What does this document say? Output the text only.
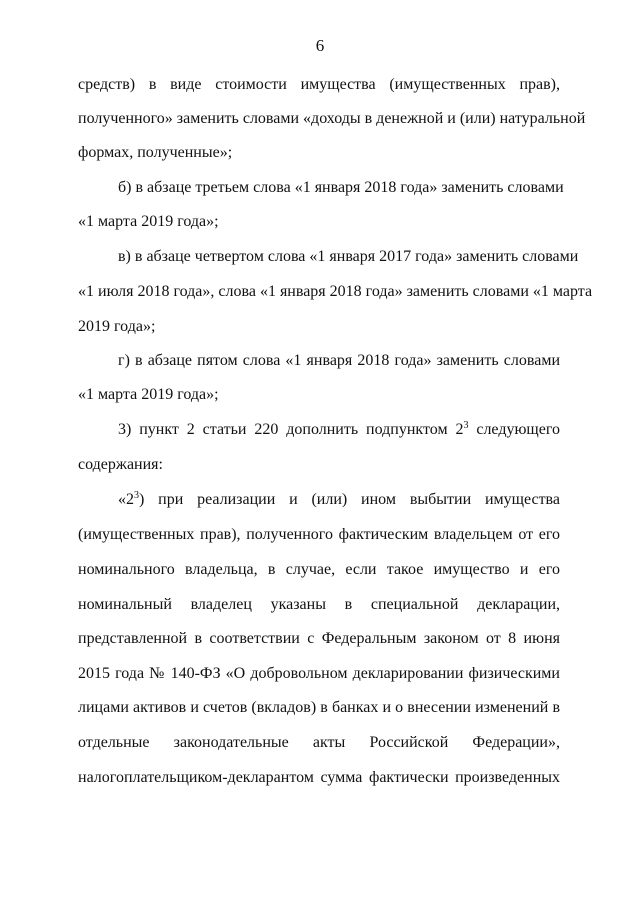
6
средств) в виде стоимости имущества (имущественных прав),
полученного» заменить словами «доходы в денежной и (или) натуральной
формах, полученные»;
б) в абзаце третьем слова «1 января 2018 года» заменить словами
«1 марта 2019 года»;
в) в абзаце четвертом слова «1 января 2017 года» заменить словами
«1 июля 2018 года», слова «1 января 2018 года» заменить словами «1 марта
2019 года»;
г) в абзаце пятом слова «1 января 2018 года» заменить словами
«1 марта 2019 года»;
3) пункт 2 статьи 220 дополнить подпунктом $2^3$ следующего
содержания:
«$2^3$) при реализации и (или) ином выбытии имущества
(имущественных прав), полученного фактическим владельцем от его
номинального владельца, в случае, если такое имущество и его
номинальный владелец указаны в специальной декларации,
представленной в соответствии с Федеральным законом от 8 июня
2015 года № 140-ФЗ «О добровольном декларировании физическими
лицами активов и счетов (вкладов) в банках и о внесении изменений в
отдельные законодательные акты Российской Федерации»,
налогоплательщиком-декларантом сумма фактически произведенных
